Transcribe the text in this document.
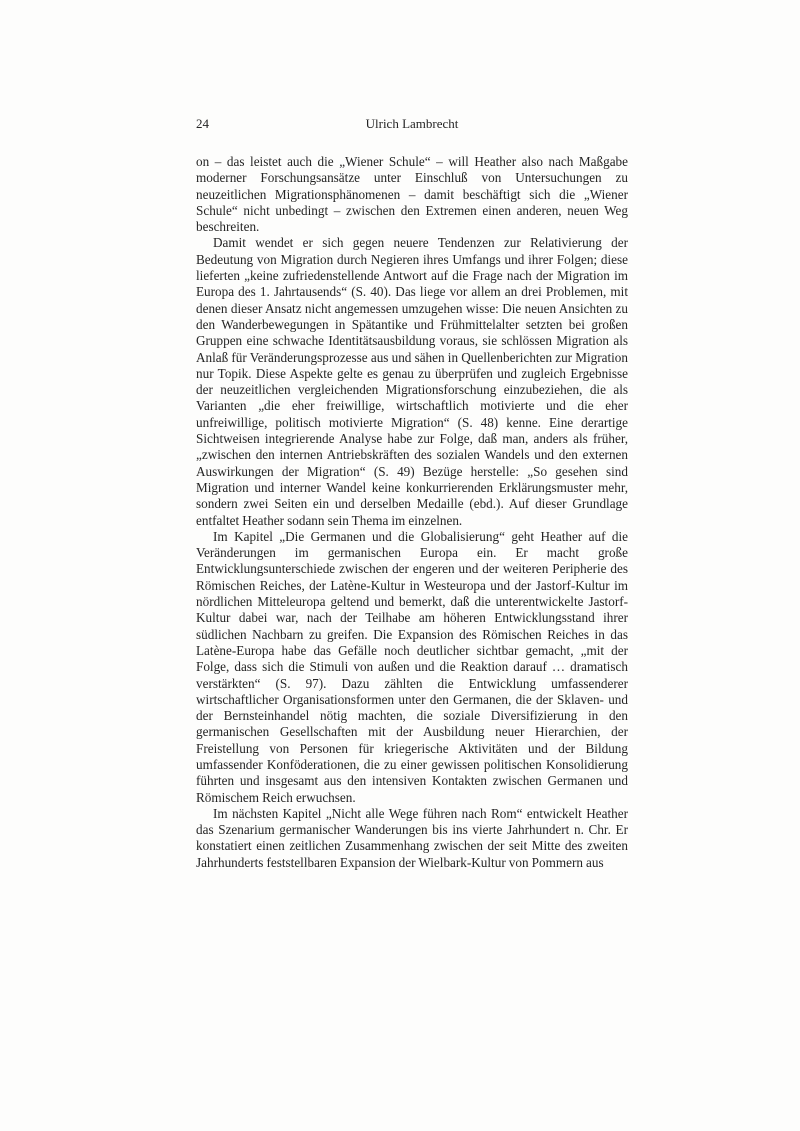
24	Ulrich Lambrecht

on – das leistet auch die „Wiener Schule“ – will Heather also nach Maßgabe moderner Forschungsansätze unter Einschluß von Untersuchungen zu neuzeitlichen Migrationsphänomenen – damit beschäftigt sich die „Wiener Schule“ nicht unbedingt – zwischen den Extremen einen anderen, neuen Weg beschreiten.

Damit wendet er sich gegen neuere Tendenzen zur Relativierung der Bedeutung von Migration durch Negieren ihres Umfangs und ihrer Folgen; diese lieferten „keine zufriedenstellende Antwort auf die Frage nach der Migration im Europa des 1. Jahrtausends“ (S. 40). Das liege vor allem an drei Problemen, mit denen dieser Ansatz nicht angemessen umzugehen wisse: Die neuen Ansichten zu den Wanderbewegungen in Spätantike und Frühmittelalter setzten bei großen Gruppen eine schwache Identitätsausbildung voraus, sie schlössen Migration als Anlaß für Veränderungsprozesse aus und sähen in Quellenberichten zur Migration nur Topik. Diese Aspekte gelte es genau zu überprüfen und zugleich Ergebnisse der neuzeitlichen vergleichenden Migrationsforschung einzubeziehen, die als Varianten „die eher freiwillige, wirtschaftlich motivierte und die eher unfreiwillige, politisch motivierte Migration“ (S. 48) kenne. Eine derartige Sichtweisen integrierende Analyse habe zur Folge, daß man, anders als früher, „zwischen den internen Antriebskräften des sozialen Wandels und den externen Auswirkungen der Migration“ (S. 49) Bezüge herstelle: „So gesehen sind Migration und interner Wandel keine konkurrierenden Erklärungsmuster mehr, sondern zwei Seiten ein und derselben Medaille (ebd.). Auf dieser Grundlage entfaltet Heather sodann sein Thema im einzelnen.

Im Kapitel „Die Germanen und die Globalisierung“ geht Heather auf die Veränderungen im germanischen Europa ein. Er macht große Entwicklungsunterschiede zwischen der engeren und der weiteren Peripherie des Römischen Reiches, der Latène-Kultur in Westeuropa und der Jastorf-Kultur im nördlichen Mitteleuropa geltend und bemerkt, daß die unterentwickelte Jastorf-Kultur dabei war, nach der Teilhabe am höheren Entwicklungsstand ihrer südlichen Nachbarn zu greifen. Die Expansion des Römischen Reiches in das Latène-Europa habe das Gefälle noch deutlicher sichtbar gemacht, „mit der Folge, dass sich die Stimuli von außen und die Reaktion darauf … dramatisch verstärkten“ (S. 97). Dazu zählten die Entwicklung umfassenderer wirtschaftlicher Organisationsformen unter den Germanen, die der Sklaven- und der Bernsteinhandel nötig machten, die soziale Diversifizierung in den germanischen Gesellschaften mit der Ausbildung neuer Hierarchien, der Freistellung von Personen für kriegerische Aktivitäten und der Bildung umfassender Konföderationen, die zu einer gewissen politischen Konsolidierung führten und insgesamt aus den intensiven Kontakten zwischen Germanen und Römischem Reich erwuchsen.

Im nächsten Kapitel „Nicht alle Wege führen nach Rom“ entwickelt Heather das Szenarium germanischer Wanderungen bis ins vierte Jahrhundert n. Chr. Er konstatiert einen zeitlichen Zusammenhang zwischen der seit Mitte des zweiten Jahrhunderts feststellbaren Expansion der Wielbark-Kultur von Pommern aus
